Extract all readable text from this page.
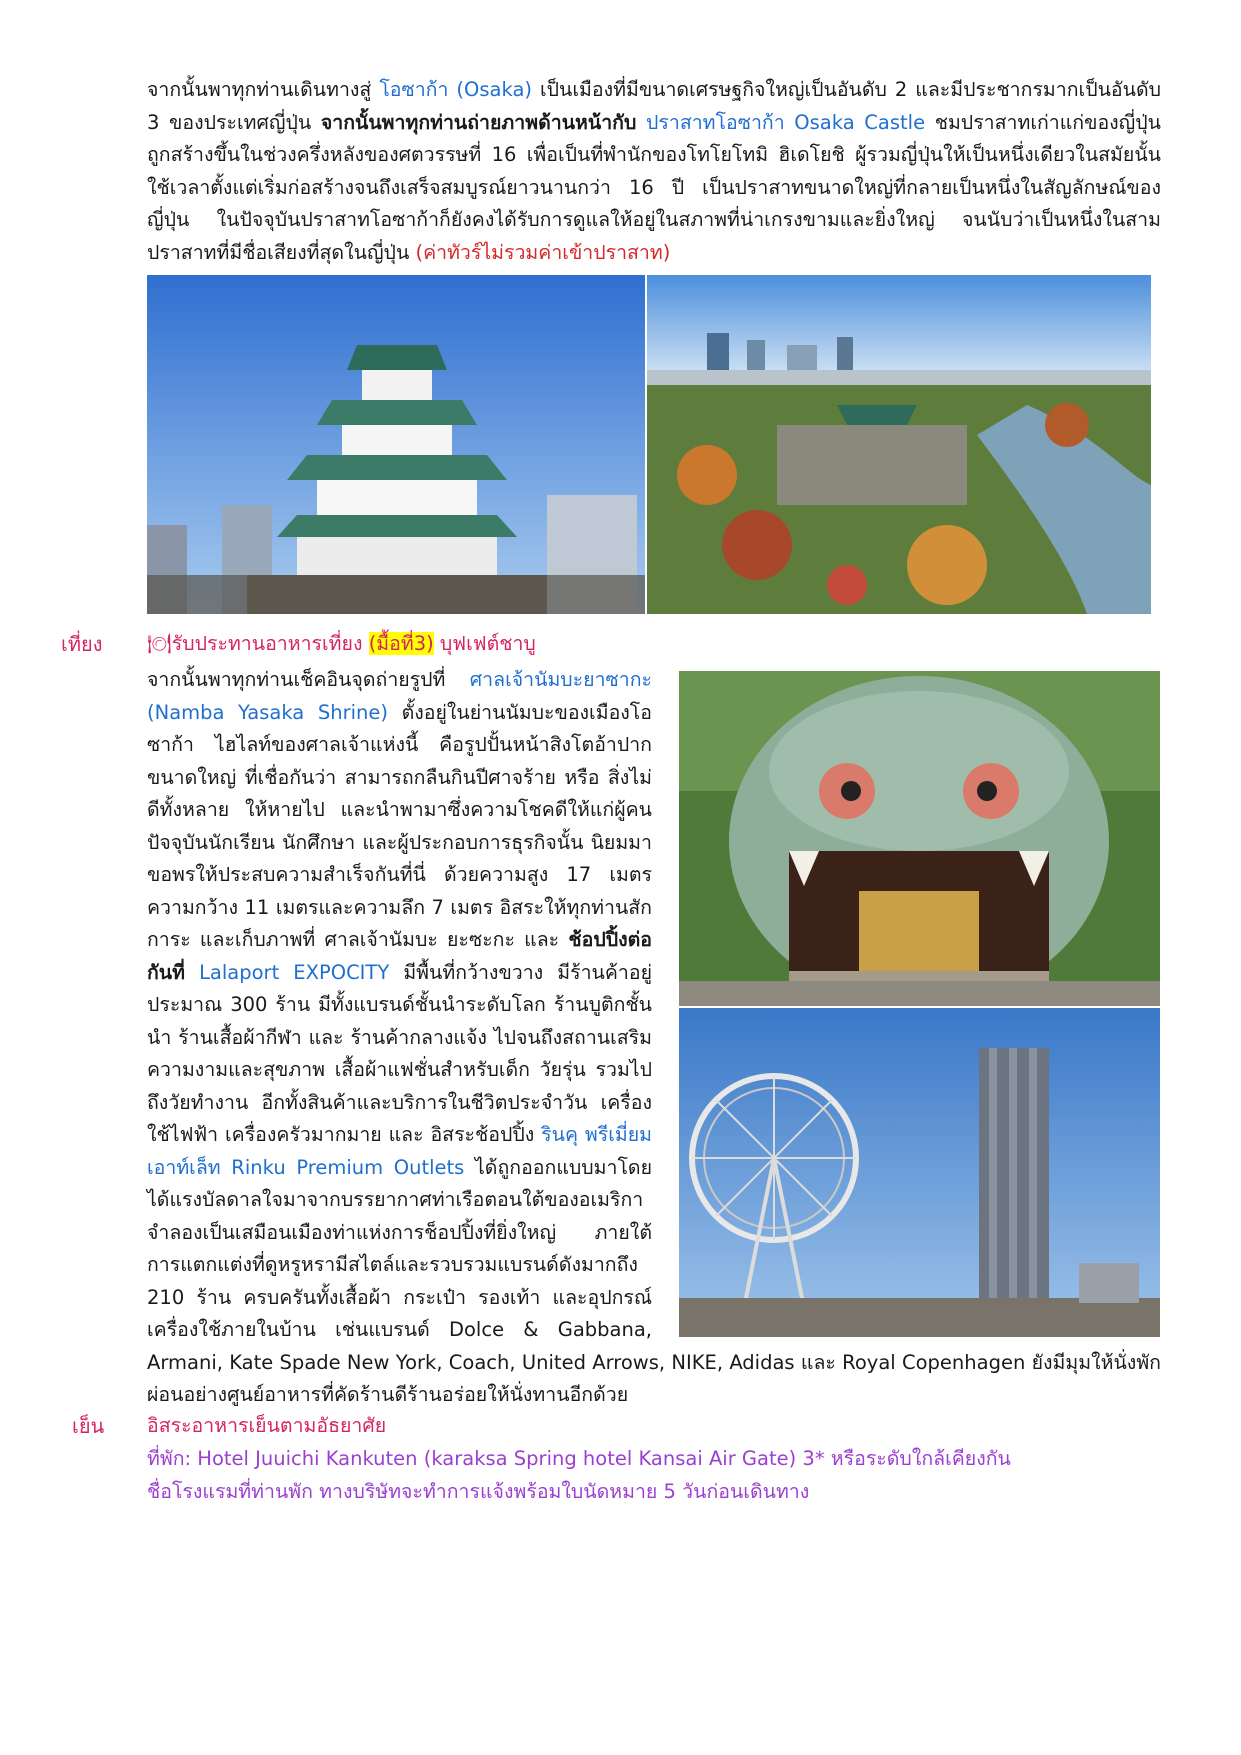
จากนั้นพาทุกท่านเดินทางสู่ โอซาก้า (Osaka) เป็นเมืองที่มีขนาดเศรษฐกิจใหญ่เป็นอันดับ 2 และมีประชากรมากเป็นอันดับ 3 ของประเทศญี่ปุ่น จากนั้นพาทุกท่านถ่ายภาพด้านหน้ากับ ปราสาทโอซาก้า Osaka Castle ชมปราสาทเก่าแก่ของญี่ปุ่นถูกสร้างขึ้นในช่วงครึ่งหลังของศตวรรษที่ 16 เพื่อเป็นที่พำนักของโทโยโทมิ ฮิเดโยชิ ผู้รวมญี่ปุ่นให้เป็นหนึ่งเดียวในสมัยนั้น ใช้เวลาตั้งแต่เริ่มก่อสร้างจนถึงเสร็จสมบูรณ์ยาวนานกว่า 16 ปี เป็นปราสาทขนาดใหญ่ที่กลายเป็นหนึ่งในสัญลักษณ์ของญี่ปุ่น ในปัจจุบันปราสาทโอซาก้าก็ยังคงได้รับการดูแลให้อยู่ในสภาพที่น่าเกรงขามและยิ่งใหญ่ จนนับว่าเป็นหนึ่งในสามปราสาทที่มีชื่อเสียงที่สุดในญี่ปุ่น (ค่าทัวร์ไม่รวมค่าเข้าปราสาท)

เที่ยง 🍽รับประทานอาหารเที่ยง (มื้อที่3) บุฟเฟต์ชาบู

จากนั้นพาทุกท่านเช็คอินจุดถ่ายรูปที่ ศาลเจ้านัมบะยาซากะ (Namba Yasaka Shrine) ตั้งอยู่ในย่านนัมบะของเมืองโอซาก้า ไฮไลท์ของศาลเจ้าแห่งนี้ คือรูปปั้นหน้าสิงโตอ้าปากขนาดใหญ่ ที่เชื่อกันว่า สามารถกลืนกินปีศาจร้าย หรือ สิ่งไม่ดีทั้งหลาย ให้หายไป และนำพามาซึ่งความโชคดีให้แก่ผู้คน ปัจจุบันนักเรียน นักศึกษา และผู้ประกอบการธุรกิจนั้น นิยมมาขอพรให้ประสบความสำเร็จกันที่นี่ ด้วยความสูง 17 เมตร ความกว้าง 11 เมตรและความลึก 7 เมตร อิสระให้ทุกท่านสักการะ และเก็บภาพที่ ศาลเจ้านัมบะ ยะซะกะ และ ช้อปปิ้งต่อกันที่ Lalaport EXPOCITY มีพื้นที่กว้างขวาง มีร้านค้าอยู่ประมาณ 300 ร้าน มีทั้งแบรนด์ชั้นนำระดับโลก ร้านบูติกชั้นนำ ร้านเสื้อผ้ากีฬา และ ร้านค้ากลางแจ้ง ไปจนถึงสถานเสริมความงามและสุขภาพ เสื้อผ้าแฟชั่นสำหรับเด็ก วัยรุ่น รวมไปถึงวัยทำงาน อีกทั้งสินค้าและบริการในชีวิตประจำวัน เครื่องใช้ไฟฟ้า เครื่องครัวมากมาย และ อิสระช้อปปิ้ง รินคุ พรีเมี่ยม เอาท์เล็ท Rinku Premium Outlets ได้ถูกออกแบบมาโดยได้แรงบัลดาลใจมาจากบรรยากาศท่าเรือตอนใต้ของอเมริกา จำลองเป็นเสมือนเมืองท่าแห่งการช็อปปิ้งที่ยิ่งใหญ่ ภายใต้การแตกแต่งที่ดูหรูหรามีสไตล์และรวบรวมแบรนด์ดังมากถึง 210 ร้าน ครบครันทั้งเสื้อผ้า กระเป๋า รองเท้า และอุปกรณ์เครื่องใช้ภายในบ้าน เช่นแบรนด์ Dolce & Gabbana, Armani, Kate Spade New York, Coach, United Arrows, NIKE, Adidas และ Royal Copenhagen ยังมีมุมให้นั่งพักผ่อนอย่างศูนย์อาหารที่คัดร้านดีร้านอร่อยให้นั่งทานอีกด้วย

เย็น อิสระอาหารเย็นตามอัธยาศัย
ที่พัก: Hotel Juuichi Kankuten (karaksa Spring hotel Kansai Air Gate) 3* หรือระดับใกล้เคียงกัน
ชื่อโรงแรมที่ท่านพัก ทางบริษัทจะทำการแจ้งพร้อมใบนัดหมาย 5 วันก่อนเดินทาง
